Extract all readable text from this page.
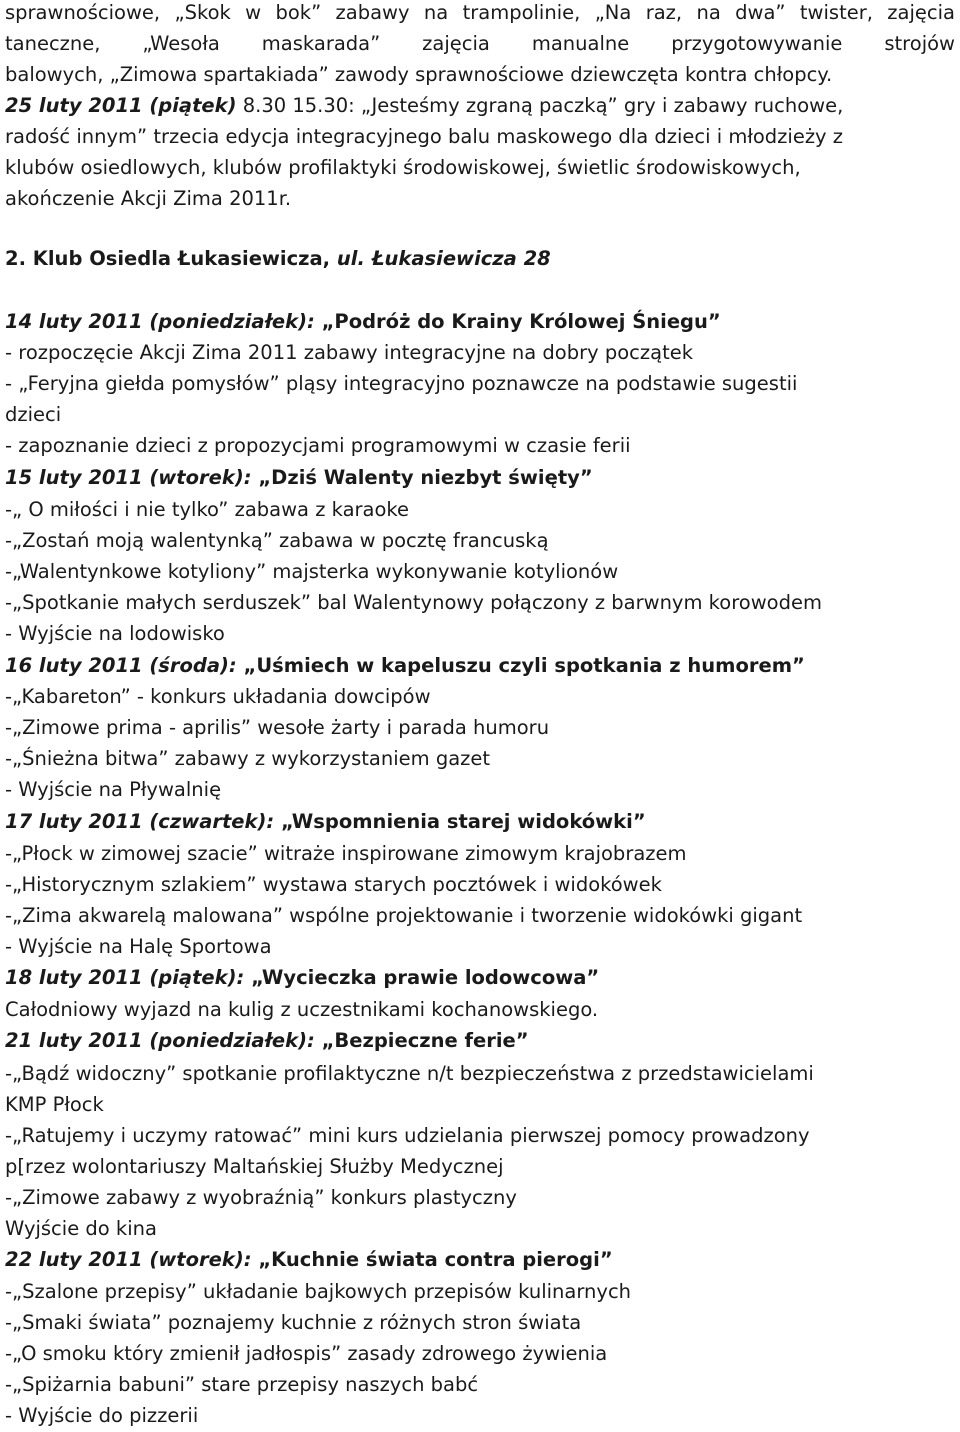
sprawnościowe, „Skok w bok” zabawy na trampolinie, „Na raz, na dwa” twister, zajęcia
taneczne, „Wesoła maskarada” zajęcia manualne przygotowywanie strojów
balowych, „Zimowa spartakiada” zawody sprawnościowe dziewczęta kontra chłopcy.
25 luty 2011 (piątek) 8.30 15.30: „Jesteśmy zgraną paczką” gry i zabawy ruchowe,
radość innym” trzecia edycja integracyjnego balu maskowego dla dzieci i młodzieży z
klubów osiedlowych, klubów profilaktyki środowiskowej, świetlic środowiskowych,
akończenie Akcji Zima 2011r.
2. Klub Osiedla Łukasiewicza, ul. Łukasiewicza 28
14 luty 2011 (poniedziałek): „Podróż do Krainy Królowej Śniegu”
- rozpoczęcie Akcji Zima 2011 zabawy integracyjne na dobry początek
- „Feryjna giełda pomysłów” pląsy integracyjno poznawcze na podstawie sugestii
dzieci
- zapoznanie dzieci z propozycjami programowymi w czasie ferii
15 luty 2011 (wtorek): „Dziś Walenty niezbyt święty”
-„ O miłości i nie tylko” zabawa z karaoke
-„Zostań moją walentynką” zabawa w pocztę francuską
-„Walentynkowe kotyliony” majsterka wykonywanie kotylionów
-„Spotkanie małych serduszek” bal Walentynowy połączony z barwnym korowodem
- Wyjście na lodowisko
16 luty 2011 (środa): „Uśmiech w kapeluszu czyli spotkania z humorem”
-„Kabareton” - konkurs układania dowcipów
-„Zimowe prima - aprilis” wesołe żarty i parada humoru
-„Śnieżna bitwa” zabawy z wykorzystaniem gazet
- Wyjście na Pływalnię
17 luty 2011 (czwartek): „Wspomnienia starej widokówki”
-„Płock w zimowej szacie” witraże inspirowane zimowym krajobrazem
-„Historycznym szlakiem” wystawa starych pocztówek i widokówek
-„Zima akwarelą malowana” wspólne projektowanie i tworzenie widokówki gigant
- Wyjście na Halę Sportowa
18 luty 2011 (piątek): „Wycieczka prawie lodowcowa”
Całodniowy wyjazd na kulig z uczestnikami kochanowskiego.
21 luty 2011 (poniedziałek): „Bezpieczne ferie”
-„Bądź widoczny” spotkanie profilaktyczne n/t bezpieczeństwa z przedstawicielami
KMP Płock
-„Ratujemy i uczymy ratować” mini kurs udzielania pierwszej pomocy prowadzony
p[rzez wolontariuszy Maltańskiej Służby Medycznej
-„Zimowe zabawy z wyobraźnią” konkurs plastyczny
Wyjście do kina
22 luty 2011 (wtorek): „Kuchnie świata contra pierogi”
-„Szalone przepisy” układanie bajkowych przepisów kulinarnych
-„Smaki świata” poznajemy kuchnie z różnych stron świata
-„O smoku który zmienił jadłospis” zasady zdrowego żywienia
-„Spiżarnia babuni” stare przepisy naszych babć
- Wyjście do pizzerii
